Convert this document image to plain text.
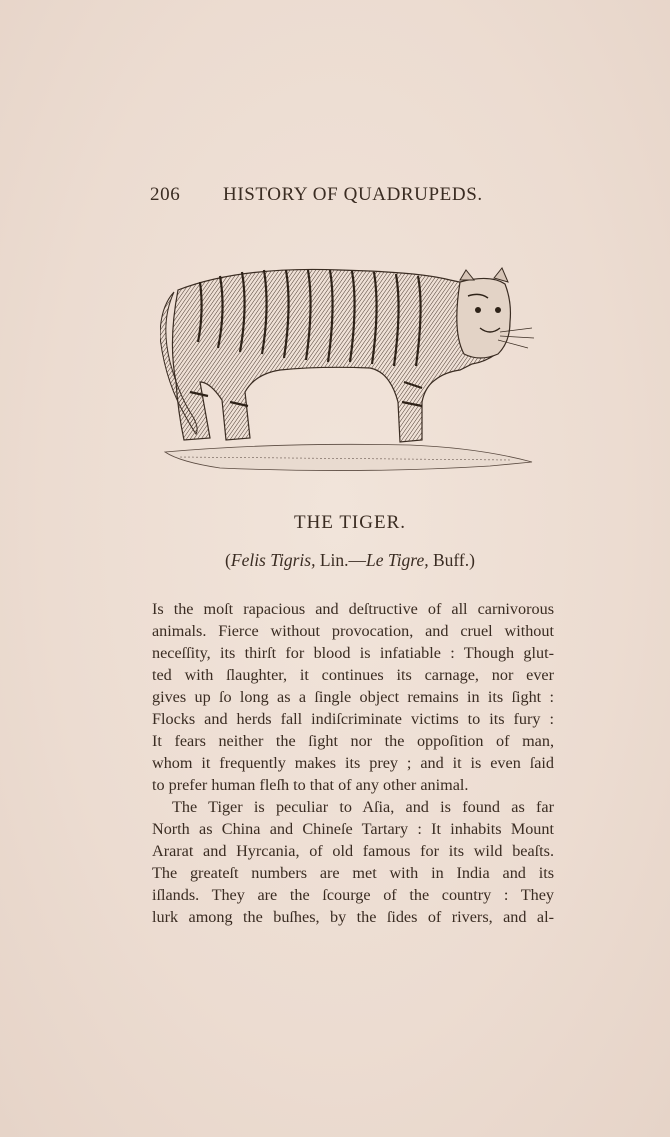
206 HISTORY OF QUADRUPEDS.
THE TIGER.
(Felis Tigris, Lin.—Le Tigre, Buff.)
Is the moſt rapacious and deſtructive of all carnivorous
animals. Fierce without provocation, and cruel without
neceſſity, its thirſt for blood is infatiable : Though glut-
ted with ſlaughter, it continues its carnage, nor ever
gives up ſo long as a ſingle object remains in its ſight :
Flocks and herds fall indiſcriminate victims to its fury :
It fears neither the ſight nor the oppoſition of man,
whom it frequently makes its prey ; and it is even ſaid
to prefer human fleſh to that of any other animal.
The Tiger is peculiar to Aſia, and is found as far
North as China and Chineſe Tartary : It inhabits Mount
Ararat and Hyrcania, of old famous for its wild beaſts.
The greateſt numbers are met with in India and its
iſlands. They are the ſcourge of the country : They
lurk among the buſhes, by the ſides of rivers, and al-
